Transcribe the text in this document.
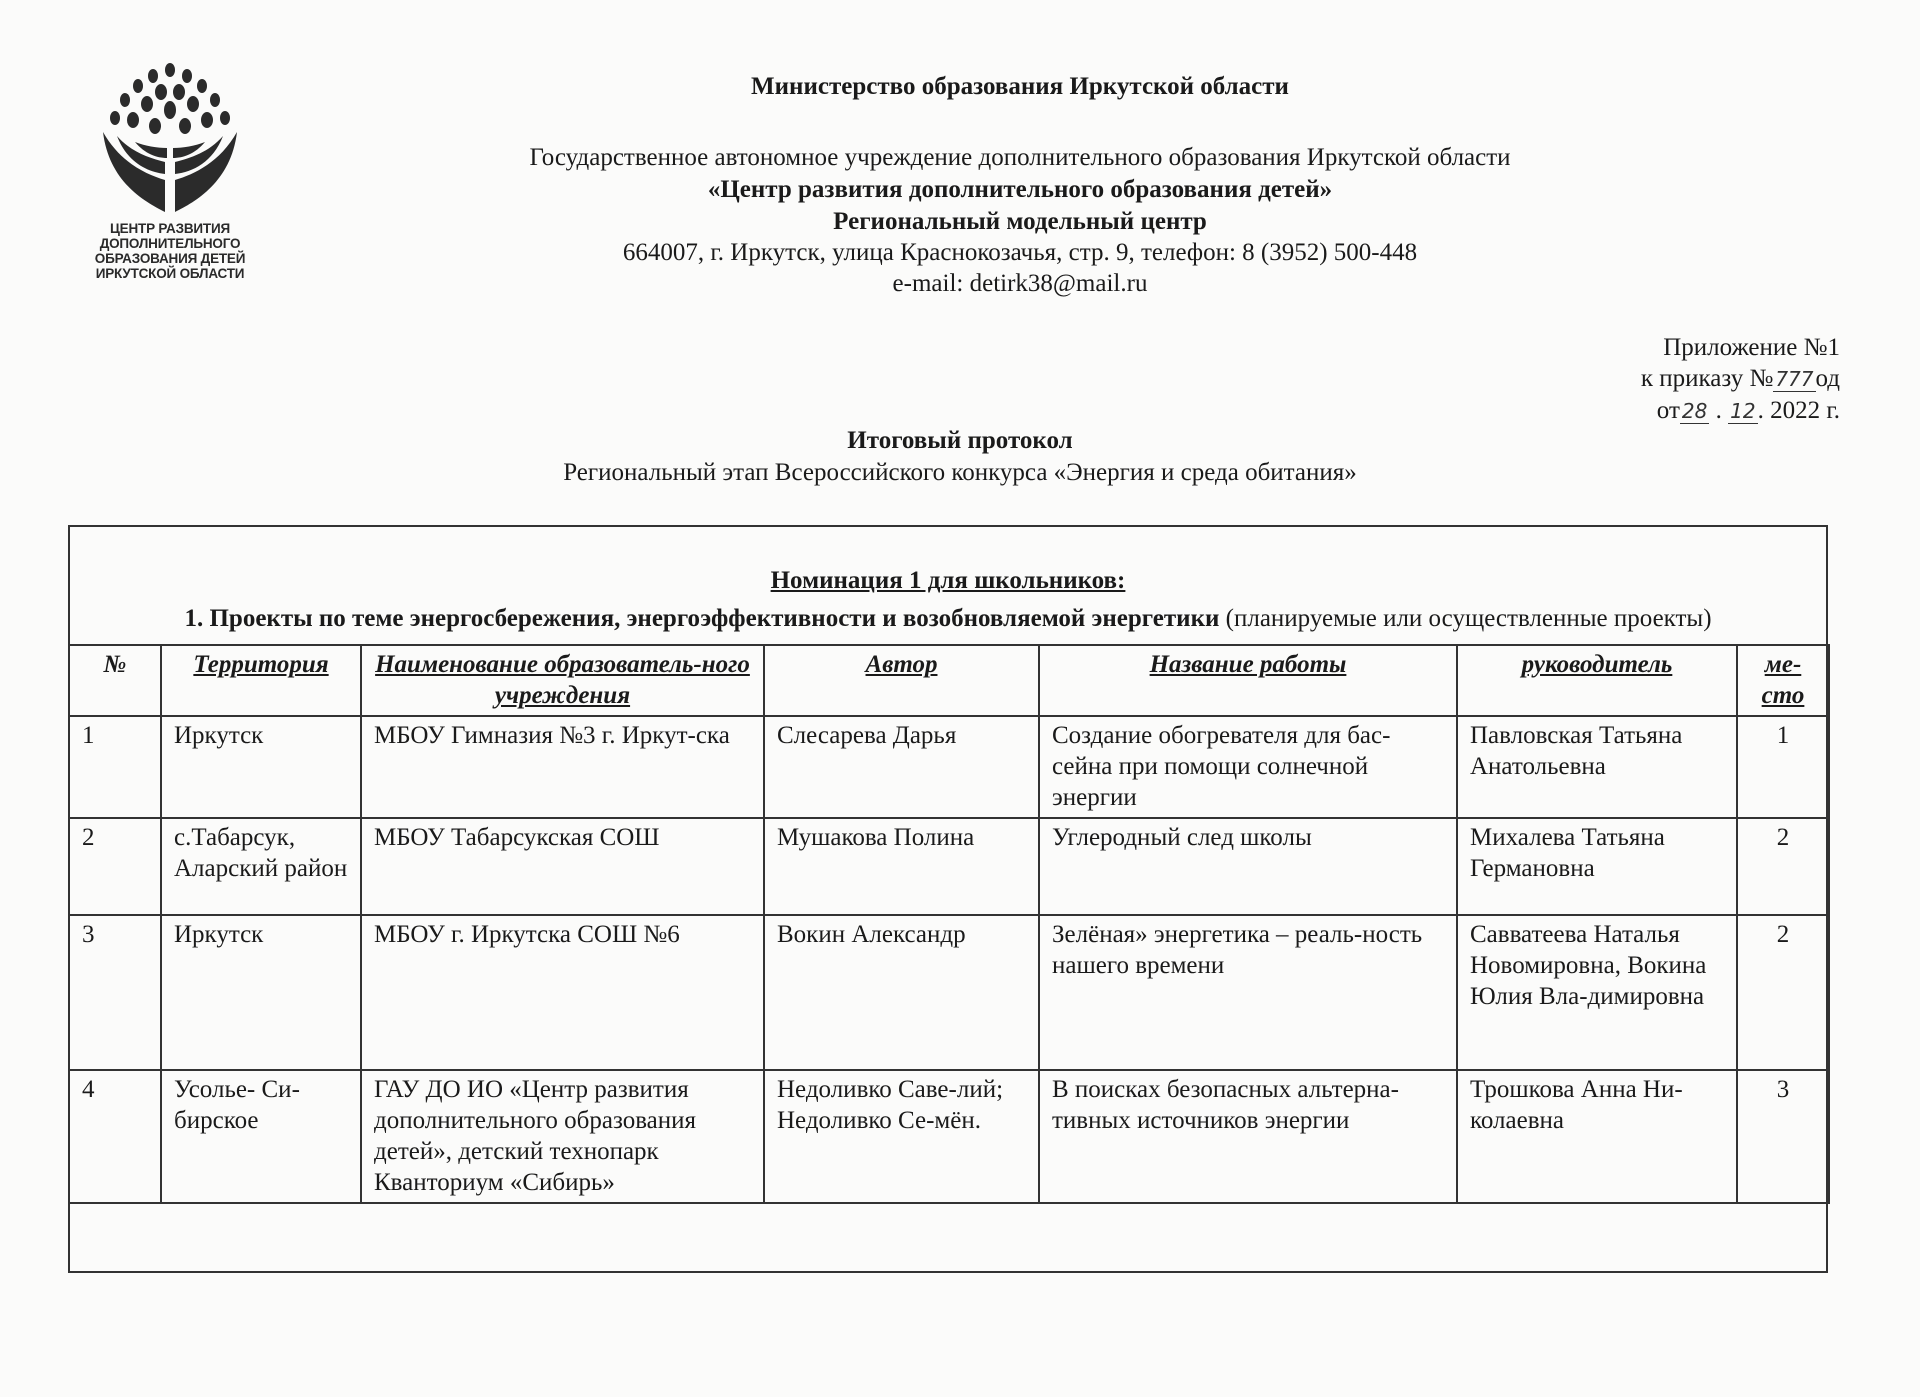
ЦЕНТР РАЗВИТИЯ
ДОПОЛНИТЕЛЬНОГО
ОБРАЗОВАНИЯ ДЕТЕЙ
ИРКУТСКОЙ ОБЛАСТИ
Министерство образования Иркутской области
Государственное автономное учреждение дополнительного образования Иркутской области
«Центр развития дополнительного образования детей»
Региональный модельный центр
664007, г. Иркутск, улица Краснокозачья, стр. 9, телефон: 8 (3952) 500-448
e-mail: detirk38@mail.ru
Приложение №1
к приказу № 777од
от 28 . 12. 2022 г.
Итоговый протокол
Региональный этап Всероссийского конкурса «Энергия и среда обитания»
Номинация 1 для школьников:
1. Проекты по теме энергосбережения, энергоэффективности и возобновляемой энергетики (планируемые или осуществленные проекты)
№	Территория	Наименование образователь-ного учреждения	Автор	Название работы	руководитель	ме-сто
1	Иркутск	МБОУ Гимназия №3 г. Иркут-ска	Слесарева Дарья	Создание обогревателя для бас-сейна при помощи солнечной энергии	Павловская Татьяна Анатольевна	1
2	с.Табарсук, Аларский район	МБОУ Табарсукская СОШ	Мушакова Полина	Углеродный след школы	Михалева Татьяна Германовна	2
3	Иркутск	МБОУ г. Иркутска СОШ №6	Вокин Александр	Зелёная» энергетика – реаль-ность нашего времени	Савватеева Наталья Новомировна, Вокина Юлия Вла-димировна	2
4	Усолье- Си-бирское	ГАУ ДО ИО «Центр развития дополнительного образования детей», детский технопарк Кванториум «Сибирь»	Недоливко Саве-лий; Недоливко Се-мён.	В поисках безопасных альтерна-тивных источников энергии	Трошкова Анна Ни-колаевна	3
